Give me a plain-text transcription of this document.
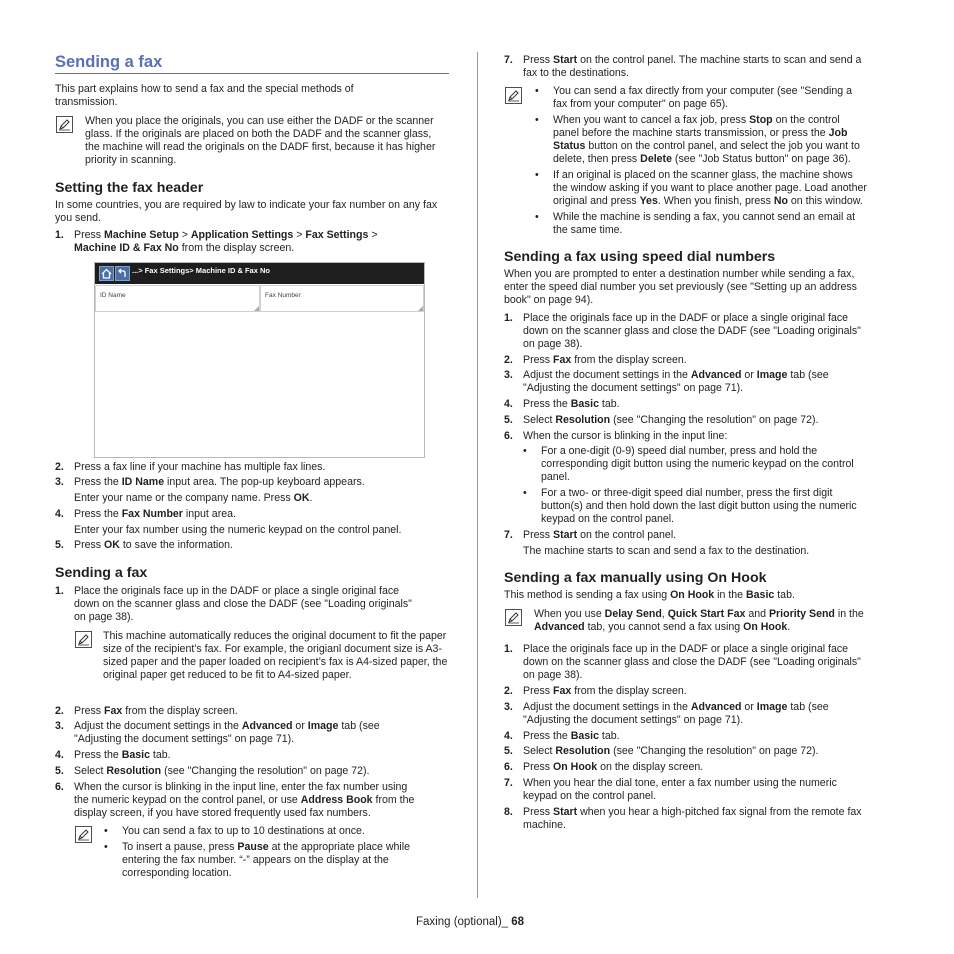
Sending a fax
This part explains how to send a fax and the special methods of transmission.
When you place the originals, you can use either the DADF or the scanner glass. If the originals are placed on both the DADF and the scanner glass, the machine will read the originals on the DADF first, because it has higher priority in scanning.
Setting the fax header
In some countries, you are required by law to indicate your fax number on any fax you send.
1. Press Machine Setup > Application Settings > Fax Settings >
Machine ID & Fax No from the display screen.
...> Fax Settings> Machine ID & Fax No
ID Name	Fax Number
2. Press a fax line if your machine has multiple fax lines.
3. Press the ID Name input area. The pop-up keyboard appears.
Enter your name or the company name. Press OK.
4. Press the Fax Number input area.
Enter your fax number using the numeric keypad on the control panel.
5. Press OK to save the information.
Sending a fax
1. Place the originals face up in the DADF or place a single original face
down on the scanner glass and close the DADF (see "Loading originals"
on page 38).
This machine automatically reduces the original document to fit the paper size of the recipient’s fax. For example, the origianl document size is A3-sized paper and the paper loaded on recipient’s fax is A4-sized paper, the original paper get reduced to be fit to A4-sized paper.
2. Press Fax from the display screen.
3. Adjust the document settings in the Advanced or Image tab (see
"Adjusting the document settings" on page 71).
4. Press the Basic tab.
5. Select Resolution (see "Changing the resolution" on page 72).
6. When the cursor is blinking in the input line, enter the fax number using
the numeric keypad on the control panel, or use Address Book from the
display screen, if you have stored frequently used fax numbers.
• You can send a fax to up to 10 destinations at once.
• To insert a pause, press Pause at the appropriate place while
entering the fax number. “-” appears on the display at the
corresponding location.
7. Press Start on the control panel. The machine starts to scan and send a
fax to the destinations.
• You can send a fax directly from your computer (see "Sending a
fax from your computer" on page 65).
• When you want to cancel a fax job, press Stop on the control
panel before the machine starts transmission, or press the Job
Status button on the control panel, and select the job you want to
delete, then press Delete (see "Job Status button" on page 36).
• If an original is placed on the scanner glass, the machine shows
the window asking if you want to place another page. Load another
original and press Yes. When you finish, press No on this window.
• While the machine is sending a fax, you cannot send an email at
the same time.
Sending a fax using speed dial numbers
When you are prompted to enter a destination number while sending a fax,
enter the speed dial number you set previously (see "Setting up an address
book" on page 94).
1. Place the originals face up in the DADF or place a single original face
down on the scanner glass and close the DADF (see "Loading originals"
on page 38).
2. Press Fax from the display screen.
3. Adjust the document settings in the Advanced or Image tab (see
"Adjusting the document settings" on page 71).
4. Press the Basic tab.
5. Select Resolution (see "Changing the resolution" on page 72).
6. When the cursor is blinking in the input line:
• For a one-digit (0-9) speed dial number, press and hold the
corresponding digit button using the numeric keypad on the control
panel.
• For a two- or three-digit speed dial number, press the first digit
button(s) and then hold down the last digit button using the numeric
keypad on the control panel.
7. Press Start on the control panel.
The machine starts to scan and send a fax to the destination.
Sending a fax manually using On Hook
This method is sending a fax using On Hook in the Basic tab.
When you use Delay Send, Quick Start Fax and Priority Send in the
Advanced tab, you cannot send a fax using On Hook.
1. Place the originals face up in the DADF or place a single original face
down on the scanner glass and close the DADF (see "Loading originals"
on page 38).
2. Press Fax from the display screen.
3. Adjust the document settings in the Advanced or Image tab (see
"Adjusting the document settings" on page 71).
4. Press the Basic tab.
5. Select Resolution (see "Changing the resolution" on page 72).
6. Press On Hook on the display screen.
7. When you hear the dial tone, enter a fax number using the numeric
keypad on the control panel.
8. Press Start when you hear a high-pitched fax signal from the remote fax
machine.
Faxing (optional)_ 68
